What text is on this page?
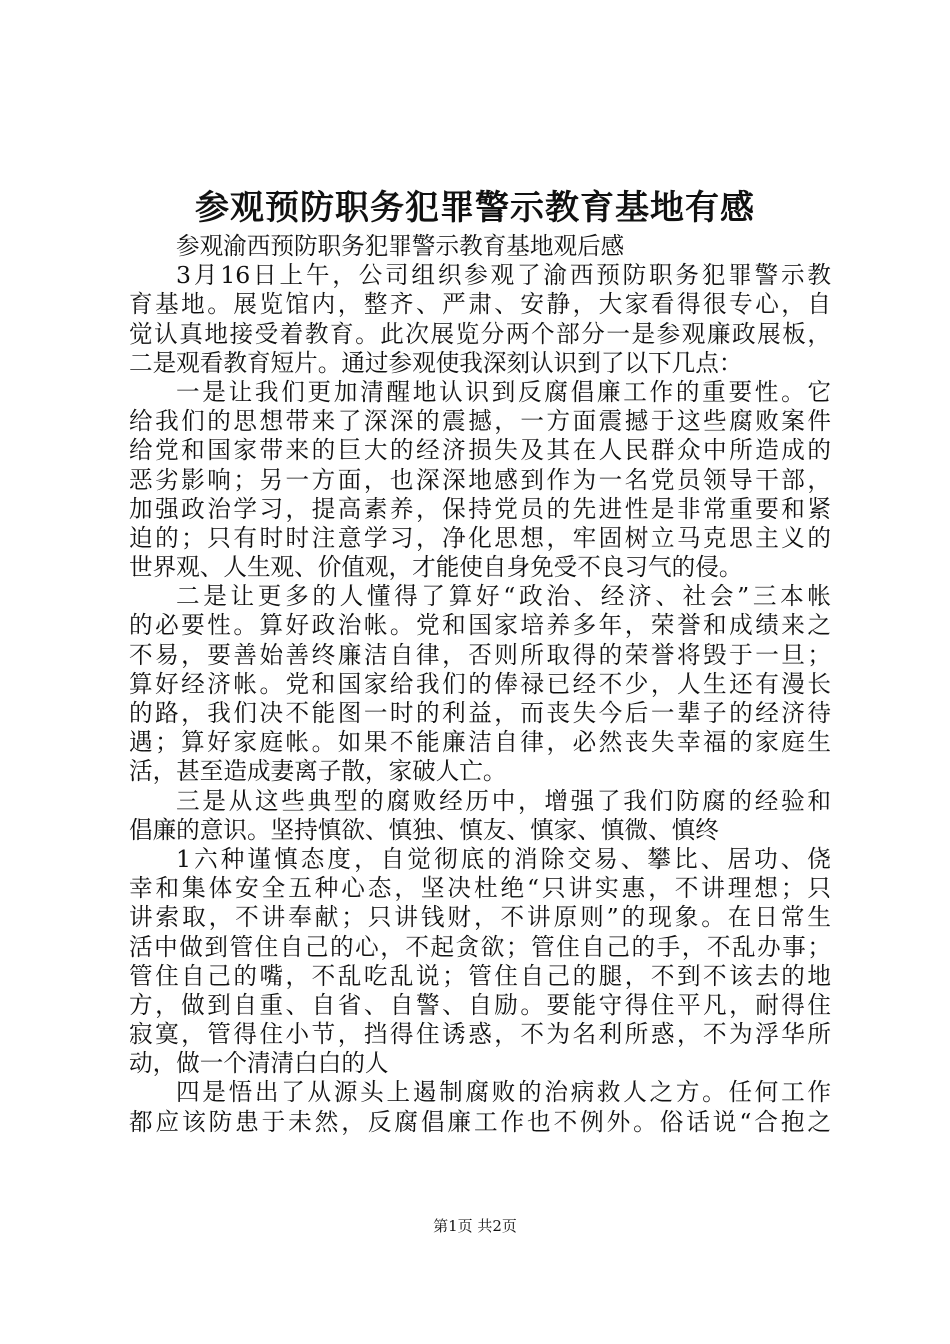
参观预防职务犯罪警示教育基地有感
参观渝西预防职务犯罪警示教育基地观后感
3月16日上午，公司组织参观了渝西预防职务犯罪警示教
育基地。展览馆内，整齐、严肃、安静，大家看得很专心，自
觉认真地接受着教育。此次展览分两个部分一是参观廉政展板，
二是观看教育短片。通过参观使我深刻认识到了以下几点：
一是让我们更加清醒地认识到反腐倡廉工作的重要性。它
给我们的思想带来了深深的震撼，一方面震撼于这些腐败案件
给党和国家带来的巨大的经济损失及其在人民群众中所造成的
恶劣影响；另一方面，也深深地感到作为一名党员领导干部，
加强政治学习，提高素养，保持党员的先进性是非常重要和紧
迫的；只有时时注意学习，净化思想，牢固树立马克思主义的
世界观、人生观、价值观，才能使自身免受不良习气的侵。
二是让更多的人懂得了算好“政治、经济、社会”三本帐
的必要性。算好政治帐。党和国家培养多年，荣誉和成绩来之
不易，要善始善终廉洁自律，否则所取得的荣誉将毁于一旦；
算好经济帐。党和国家给我们的俸禄已经不少，人生还有漫长
的路，我们决不能图一时的利益，而丧失今后一辈子的经济待
遇；算好家庭帐。如果不能廉洁自律，必然丧失幸福的家庭生
活，甚至造成妻离子散，家破人亡。
三是从这些典型的腐败经历中，增强了我们防腐的经验和
倡廉的意识。坚持慎欲、慎独、慎友、慎家、慎微、慎终
1六种谨慎态度，自觉彻底的消除交易、攀比、居功、侥
幸和集体安全五种心态，坚决杜绝“只讲实惠，不讲理想；只
讲索取，不讲奉献；只讲钱财，不讲原则”的现象。在日常生
活中做到管住自己的心，不起贪欲；管住自己的手，不乱办事；
管住自己的嘴，不乱吃乱说；管住自己的腿，不到不该去的地
方，做到自重、自省、自警、自励。要能守得住平凡，耐得住
寂寞，管得住小节，挡得住诱惑，不为名利所惑，不为浮华所
动，做一个清清白白的人
四是悟出了从源头上遏制腐败的治病救人之方。任何工作
都应该防患于未然，反腐倡廉工作也不例外。俗话说“合抱之
第1页 共2页
